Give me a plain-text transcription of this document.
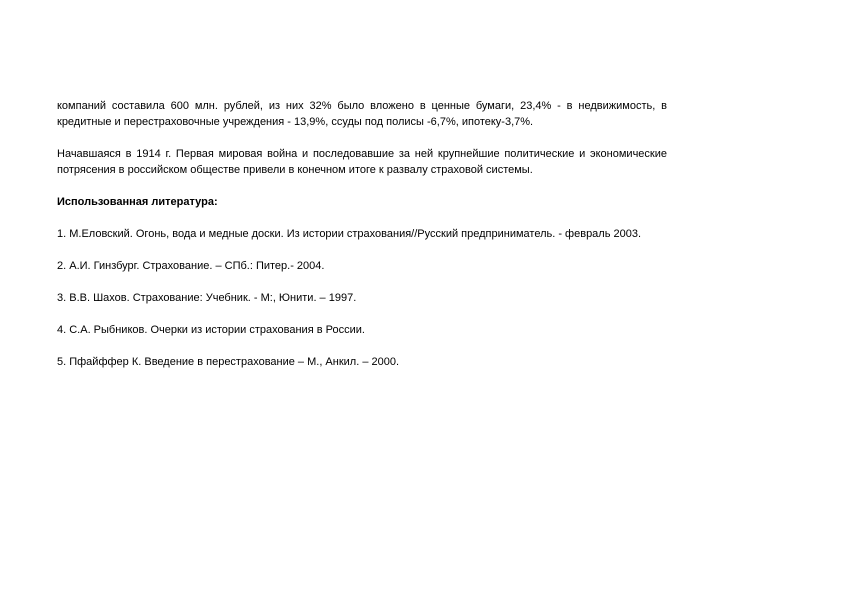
компаний составила 600 млн. рублей, из них 32% было вложено в ценные бумаги, 23,4% - в недвижимость, в кредитные и перестраховочные учреждения - 13,9%, ссуды под полисы -6,7%, ипотеку-3,7%.

Начавшаяся в 1914 г. Первая мировая война и последовавшие за ней крупнейшие политические и экономические потрясения в российском обществе привели в конечном итоге к развалу страховой системы.

Использованная литература:

1. М.Еловский. Огонь, вода и медные доски. Из истории страхования//Русский предприниматель. - февраль 2003.

2. А.И. Гинзбург. Страхование. – СПб.: Питер.- 2004.

3. В.В. Шахов. Страхование: Учебник. - М:, Юнити. – 1997.

4. С.А. Рыбников. Очерки из истории страхования в России.

5. Пфайффер К. Введение в перестрахование – М., Анкил. – 2000.
